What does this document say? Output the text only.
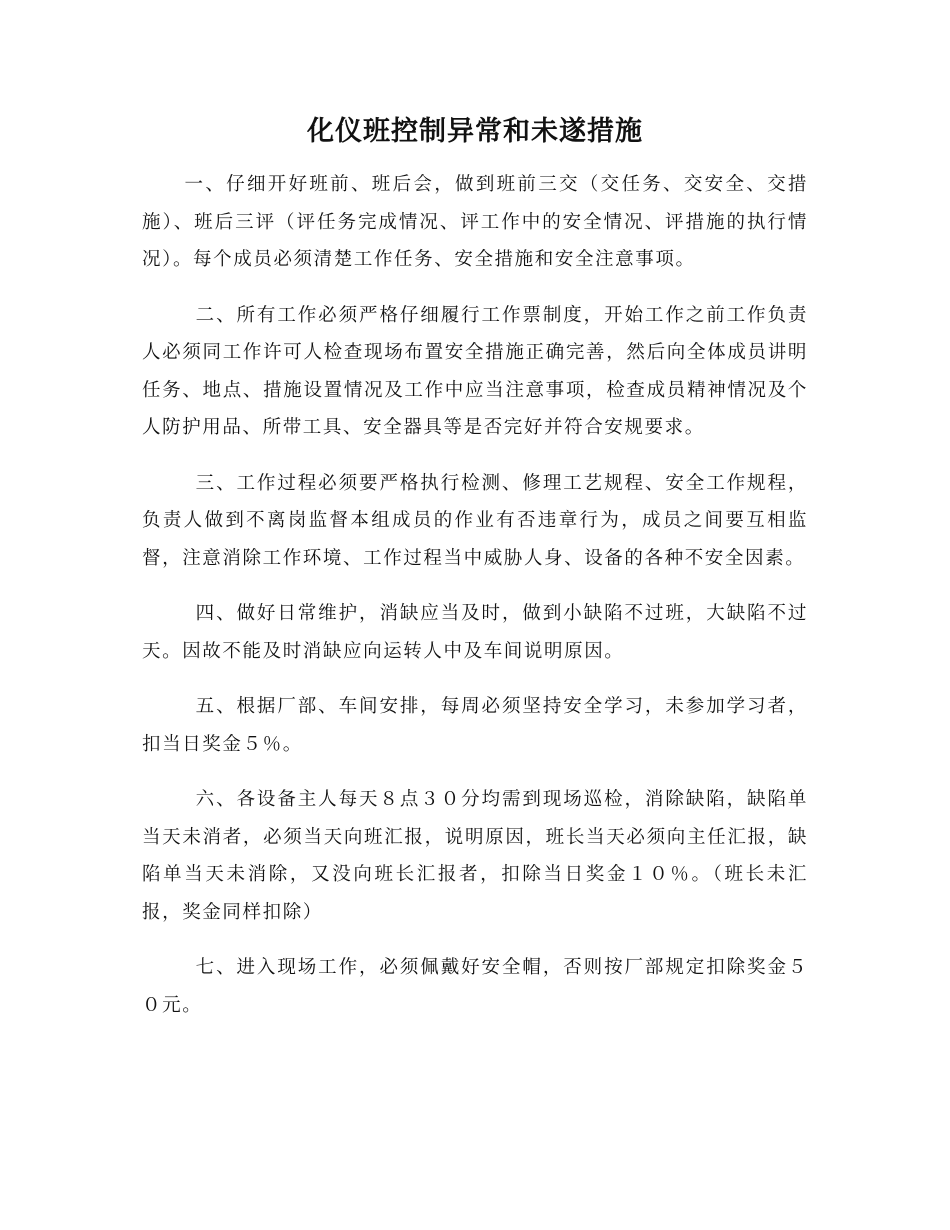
化仪班控制异常和未遂措施

一、仔细开好班前、班后会，做到班前三交（交任务、交安全、交措施）、班后三评（评任务完成情况、评工作中的安全情况、评措施的执行情况）。每个成员必须清楚工作任务、安全措施和安全注意事项。

二、所有工作必须严格仔细履行工作票制度，开始工作之前工作负责人必须同工作许可人检查现场布置安全措施正确完善，然后向全体成员讲明任务、地点、措施设置情况及工作中应当注意事项，检查成员精神情况及个人防护用品、所带工具、安全器具等是否完好并符合安规要求。

三、工作过程必须要严格执行检测、修理工艺规程、安全工作规程，负责人做到不离岗监督本组成员的作业有否违章行为，成员之间要互相监督，注意消除工作环境、工作过程当中威胁人身、设备的各种不安全因素。

四、做好日常维护，消缺应当及时，做到小缺陷不过班，大缺陷不过天。因故不能及时消缺应向运转人中及车间说明原因。

五、根据厂部、车间安排，每周必须坚持安全学习，未参加学习者，扣当日奖金５％。

六、各设备主人每天８点３０分均需到现场巡检，消除缺陷，缺陷单当天未消者，必须当天向班汇报，说明原因，班长当天必须向主任汇报，缺陷单当天未消除，又没向班长汇报者，扣除当日奖金１０％。（班长未汇报，奖金同样扣除）

七、进入现场工作，必须佩戴好安全帽，否则按厂部规定扣除奖金５０元。
